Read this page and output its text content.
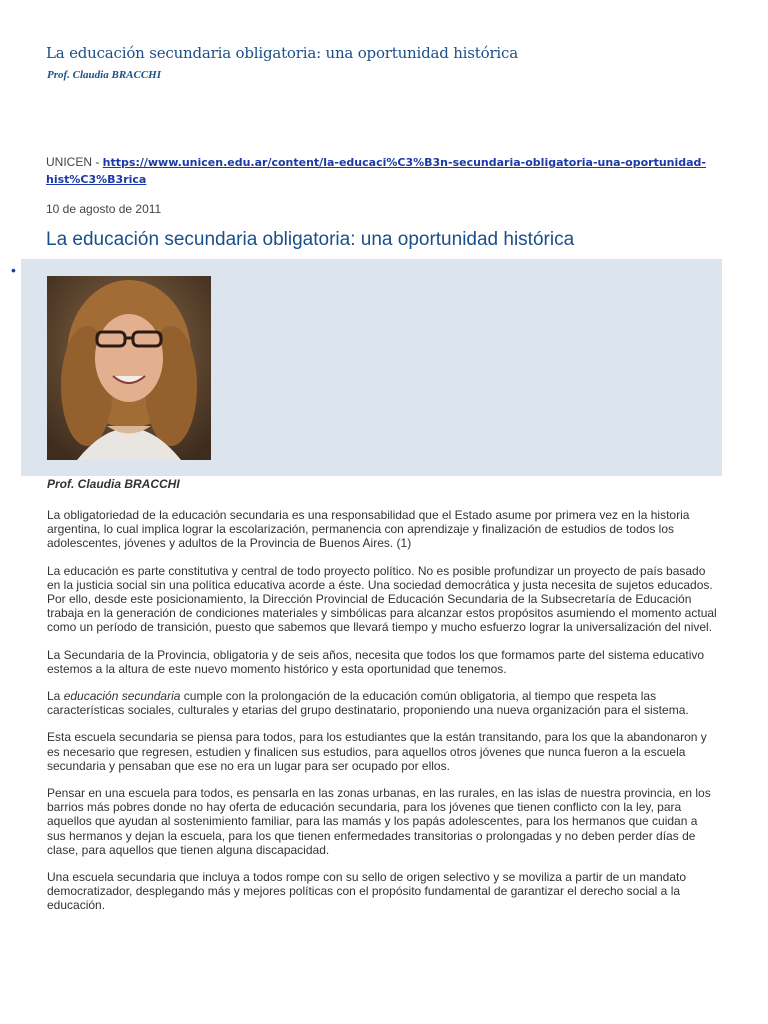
La educación secundaria obligatoria: una oportunidad histórica
Prof. Claudia BRACCHI
UNICEN - https://www.unicen.edu.ar/content/la-educaci%C3%B3n-secundaria-obligatoria-una-oportunidad-hist%C3%B3rica
10 de agosto de 2011
La educación secundaria obligatoria: una oportunidad histórica
•
Prof. Claudia BRACCHI

La obligatoriedad de la educación secundaria es una responsabilidad que el Estado asume por primera vez en la historia argentina, lo cual implica lograr la escolarización, permanencia con aprendizaje y finalización de estudios de todos los adolescentes, jóvenes y adultos de la Provincia de Buenos Aires. (1)

La educación es parte constitutiva y central de todo proyecto político. No es posible profundizar un proyecto de país basado en la justicia social sin una política educativa acorde a éste. Una sociedad democrática y justa necesita de sujetos educados. Por ello, desde este posicionamiento, la Dirección Provincial de Educación Secundaria de la Subsecretaría de Educación trabaja en la generación de condiciones materiales y simbólicas para alcanzar estos propósitos asumiendo el momento actual como un período de transición, puesto que sabemos que llevará tiempo y mucho esfuerzo lograr la universalización del nivel.

La Secundaria de la Provincia, obligatoria y de seis años, necesita que todos los que formamos parte del sistema educativo estemos a la altura de este nuevo momento histórico y esta oportunidad que tenemos.

La educación secundaria cumple con la prolongación de la educación común obligatoria, al tiempo que respeta las características sociales, culturales y etarias del grupo destinatario, proponiendo una nueva organización para el sistema.

Esta escuela secundaria se piensa para todos, para los estudiantes que la están transitando, para los que la abandonaron y es necesario que regresen, estudien y finalicen sus estudios, para aquellos otros jóvenes que nunca fueron a la escuela secundaria y pensaban que ese no era un lugar para ser ocupado por ellos.

Pensar en una escuela para todos, es pensarla en las zonas urbanas, en las rurales, en las islas de nuestra provincia, en los barrios más pobres donde no hay oferta de educación secundaria, para los jóvenes que tienen conflicto con la ley, para aquellos que ayudan al sostenimiento familiar, para las mamás y los papás adolescentes, para los hermanos que cuidan a sus hermanos y dejan la escuela, para los que tienen enfermedades transitorias o prolongadas y no deben perder días de clase, para aquellos que tienen alguna discapacidad.

Una escuela secundaria que incluya a todos rompe con su sello de origen selectivo y se moviliza a partir de un mandato democratizador, desplegando más y mejores políticas con el propósito fundamental de garantizar el derecho social a la educación.
